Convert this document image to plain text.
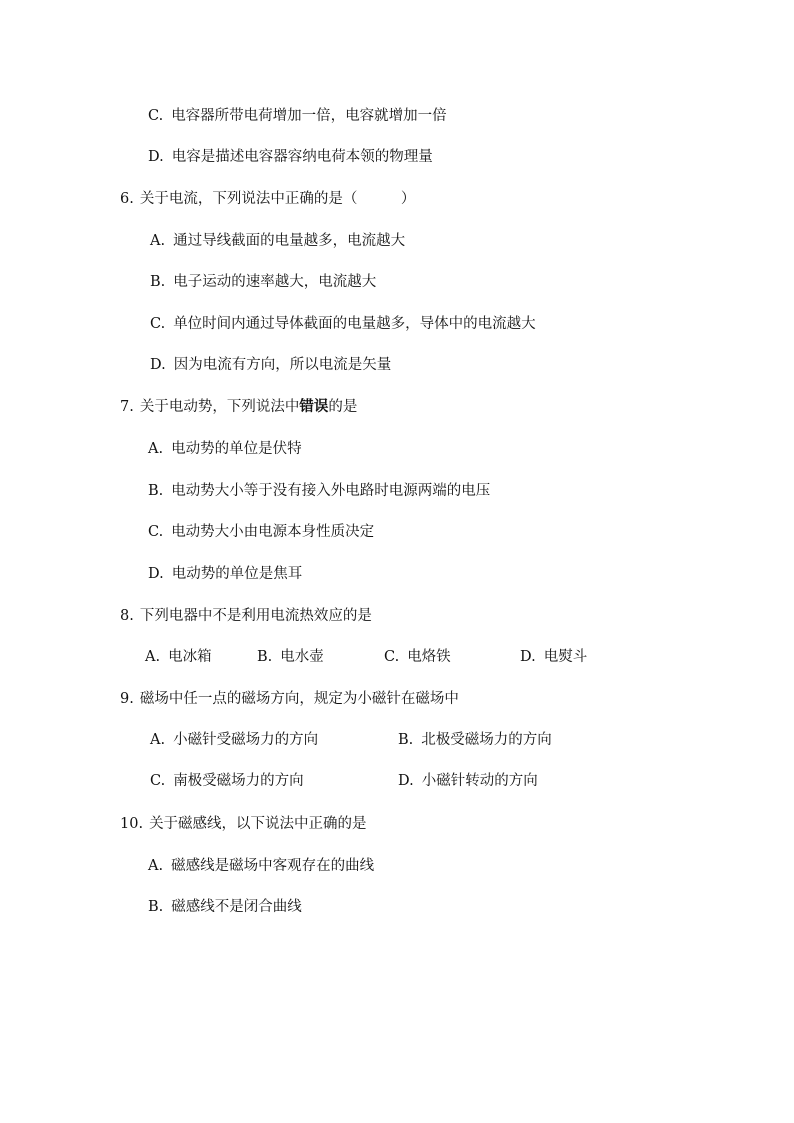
C. 电容器所带电荷增加一倍，电容就增加一倍
D. 电容是描述电容器容纳电荷本领的物理量
6. 关于电流，下列说法中正确的是（　　　）
A. 通过导线截面的电量越多，电流越大
B. 电子运动的速率越大，电流越大
C. 单位时间内通过导体截面的电量越多，导体中的电流越大
D. 因为电流有方向，所以电流是矢量
7. 关于电动势，下列说法中错误的是
A. 电动势的单位是伏特
B. 电动势大小等于没有接入外电路时电源两端的电压
C. 电动势大小由电源本身性质决定
D. 电动势的单位是焦耳
8. 下列电器中不是利用电流热效应的是
A. 电冰箱	B. 电水壶	C. 电烙铁	D. 电熨斗
9. 磁场中任一点的磁场方向，规定为小磁针在磁场中
A. 小磁针受磁场力的方向	B. 北极受磁场力的方向
C. 南极受磁场力的方向	D. 小磁针转动的方向
10. 关于磁感线，以下说法中正确的是
A. 磁感线是磁场中客观存在的曲线
B. 磁感线不是闭合曲线
